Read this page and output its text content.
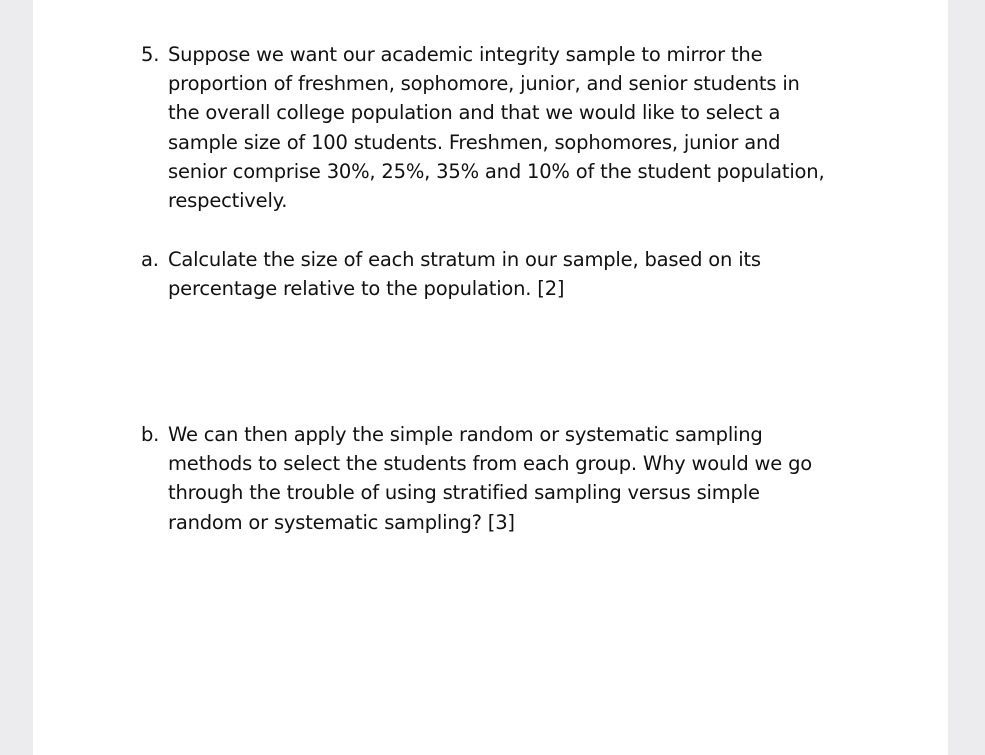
5. Suppose we want our academic integrity sample to mirror the
proportion of freshmen, sophomore, junior, and senior students in
the overall college population and that we would like to select a
sample size of 100 students. Freshmen, sophomores, junior and
senior comprise 30%, 25%, 35% and 10% of the student population,
respectively.
a. Calculate the size of each stratum in our sample, based on its
percentage relative to the population. [2]
b. We can then apply the simple random or systematic sampling
methods to select the students from each group. Why would we go
through the trouble of using stratified sampling versus simple
random or systematic sampling? [3]
